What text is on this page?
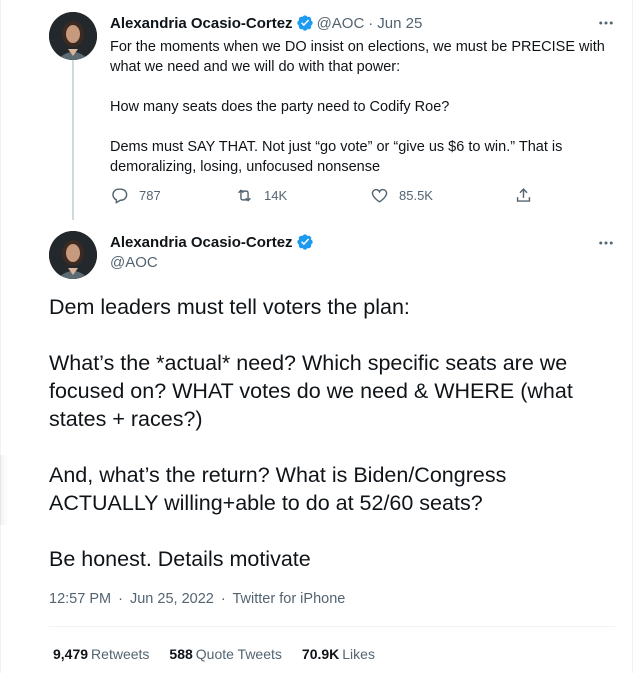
Alexandria Ocasio-Cortez @AOC · Jun 25

For the moments when we DO insist on elections, we must be PRECISE with what we need and we will do with that power:

How many seats does the party need to Codify Roe?

Dems must SAY THAT. Not just “go vote” or “give us $6 to win.” That is demoralizing, losing, unfocused nonsense

787	14K	85.5K
Alexandria Ocasio-Cortez
@AOC

Dem leaders must tell voters the plan:

What’s the *actual* need? Which specific seats are we focused on? WHAT votes do we need & WHERE (what states + races?)

And, what’s the return? What is Biden/Congress ACTUALLY willing+able to do at 52/60 seats?

Be honest. Details motivate

12:57 PM · Jun 25, 2022 · Twitter for iPhone
9,479 Retweets 588 Quote Tweets 70.9K Likes
